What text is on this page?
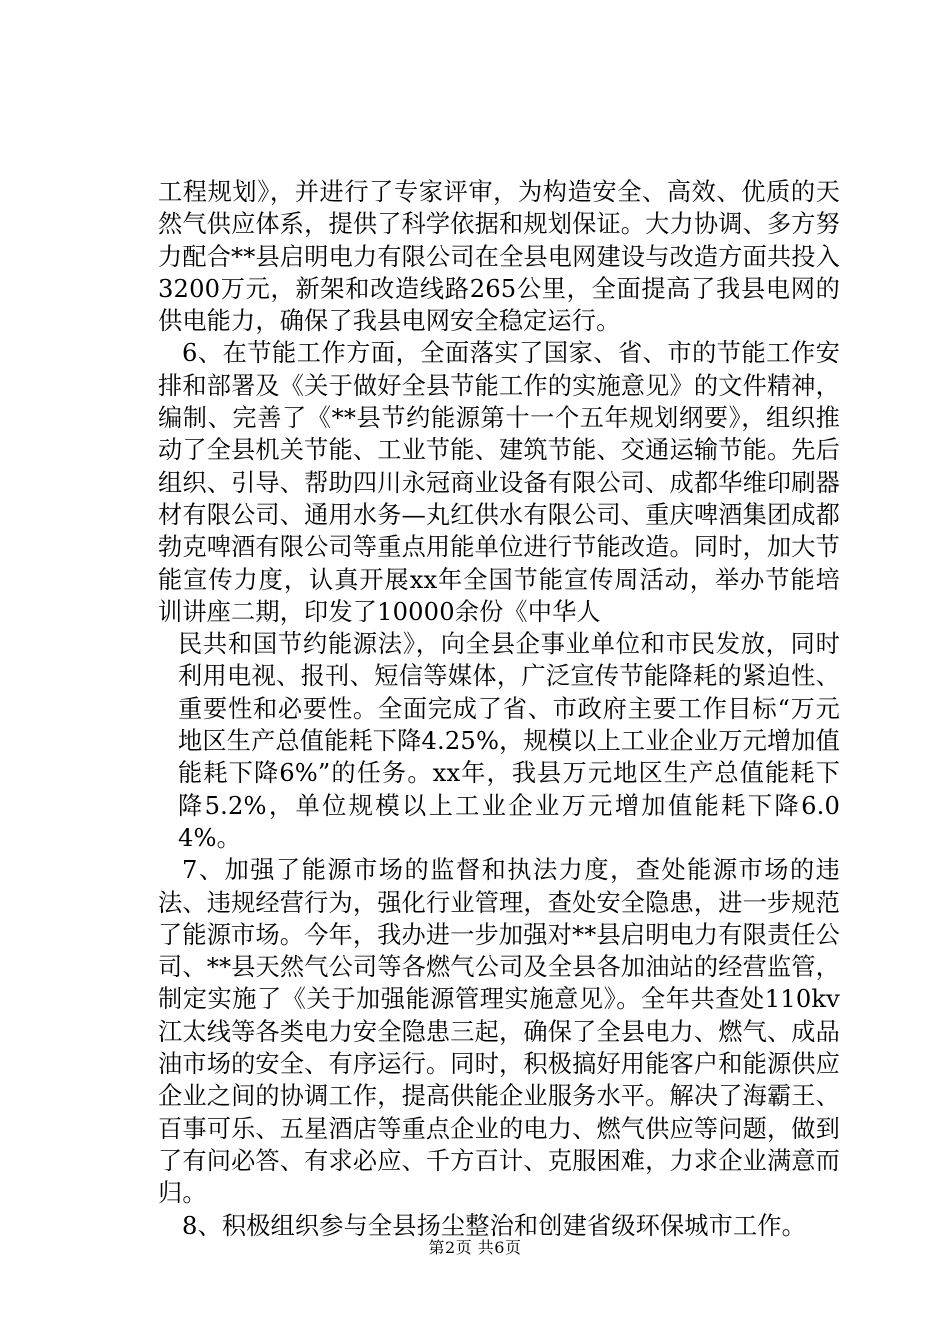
工程规划》，并进行了专家评审，为构造安全、高效、优质的天然气供应体系，提供了科学依据和规划保证。大力协调、多方努力配合**县启明电力有限公司在全县电网建设与改造方面共投入3200万元，新架和改造线路265公里，全面提高了我县电网的供电能力，确保了我县电网安全稳定运行。

6、在节能工作方面，全面落实了国家、省、市的节能工作安排和部署及《关于做好全县节能工作的实施意见》的文件精神，编制、完善了《**县节约能源第十一个五年规划纲要》，组织推动了全县机关节能、工业节能、建筑节能、交通运输节能。先后组织、引导、帮助四川永冠商业设备有限公司、成都华维印刷器材有限公司、通用水务—丸红供水有限公司、重庆啤酒集团成都勃克啤酒有限公司等重点用能单位进行节能改造。同时，加大节能宣传力度，认真开展xx年全国节能宣传周活动，举办节能培训讲座二期，印发了10000余份《中华人

民共和国节约能源法》，向全县企事业单位和市民发放，同时利用电视、报刊、短信等媒体，广泛宣传节能降耗的紧迫性、重要性和必要性。全面完成了省、市政府主要工作目标“万元地区生产总值能耗下降4.25%，规模以上工业企业万元增加值能耗下降6%”的任务。xx年，我县万元地区生产总值能耗下降5.2%，单位规模以上工业企业万元增加值能耗下降6.04%。

7、加强了能源市场的监督和执法力度，查处能源市场的违法、违规经营行为，强化行业管理，查处安全隐患，进一步规范了能源市场。今年，我办进一步加强对**县启明电力有限责任公司、**县天然气公司等各燃气公司及全县各加油站的经营监管，制定实施了《关于加强能源管理实施意见》。全年共查处110kv江太线等各类电力安全隐患三起，确保了全县电力、燃气、成品油市场的安全、有序运行。同时，积极搞好用能客户和能源供应企业之间的协调工作，提高供能企业服务水平。解决了海霸王、百事可乐、五星酒店等重点企业的电力、燃气供应等问题，做到了有问必答、有求必应、千方百计、克服困难，力求企业满意而归。

8、积极组织参与全县扬尘整治和创建省级环保城市工作。

第2页 共6页
